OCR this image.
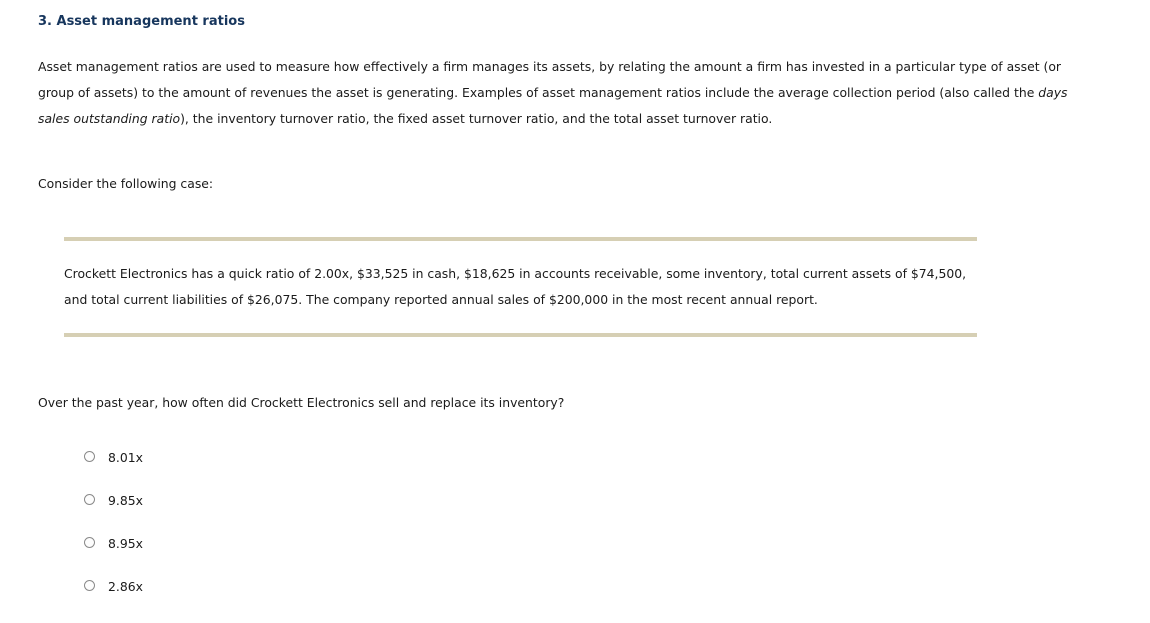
3. Asset management ratios

Asset management ratios are used to measure how effectively a firm manages its assets, by relating the amount a firm has invested in a particular type of asset (or group of assets) to the amount of revenues the asset is generating. Examples of asset management ratios include the average collection period (also called the days sales outstanding ratio), the inventory turnover ratio, the fixed asset turnover ratio, and the total asset turnover ratio.

Consider the following case:

Crockett Electronics has a quick ratio of 2.00x, $33,525 in cash, $18,625 in accounts receivable, some inventory, total current assets of $74,500, and total current liabilities of $26,075. The company reported annual sales of $200,000 in the most recent annual report.

Over the past year, how often did Crockett Electronics sell and replace its inventory?

8.01x
9.85x
8.95x
2.86x
